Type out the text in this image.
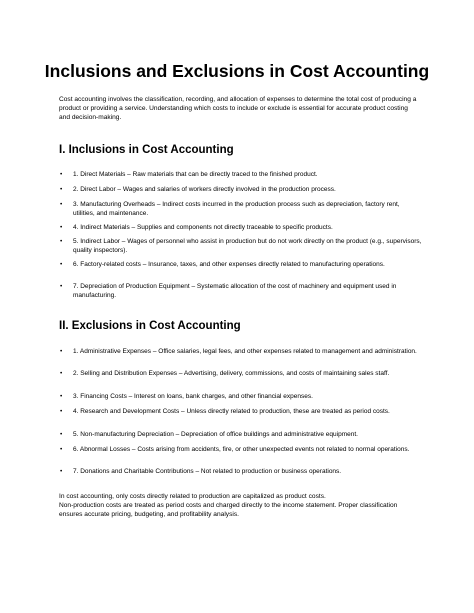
Inclusions and Exclusions in Cost Accounting

Cost accounting involves the classification, recording, and allocation of expenses to determine the total cost of producing a product or providing a service. Understanding which costs to include or exclude is essential for accurate product costing and decision-making.

I. Inclusions in Cost Accounting
• 1. Direct Materials – Raw materials that can be directly traced to the finished product.
• 2. Direct Labor – Wages and salaries of workers directly involved in the production process.
• 3. Manufacturing Overheads – Indirect costs incurred in the production process such as depreciation, factory rent, utilities, and maintenance.
• 4. Indirect Materials – Supplies and components not directly traceable to specific products.
• 5. Indirect Labor – Wages of personnel who assist in production but do not work directly on the product (e.g., supervisors, quality inspectors).
• 6. Factory-related costs – Insurance, taxes, and other expenses directly related to manufacturing operations.
• 7. Depreciation of Production Equipment – Systematic allocation of the cost of machinery and equipment used in manufacturing.
II. Exclusions in Cost Accounting
• 1. Administrative Expenses – Office salaries, legal fees, and other expenses related to management and administration.
• 2. Selling and Distribution Expenses – Advertising, delivery, commissions, and costs of maintaining sales staff.
• 3. Financing Costs – Interest on loans, bank charges, and other financial expenses.
• 4. Research and Development Costs – Unless directly related to production, these are treated as period costs.
• 5. Non-manufacturing Depreciation – Depreciation of office buildings and administrative equipment.
• 6. Abnormal Losses – Costs arising from accidents, fire, or other unexpected events not related to normal operations.
• 7. Donations and Charitable Contributions – Not related to production or business operations.

In cost accounting, only costs directly related to production are capitalized as product costs.
Non-production costs are treated as period costs and charged directly to the income statement. Proper classification ensures accurate pricing, budgeting, and profitability analysis.
